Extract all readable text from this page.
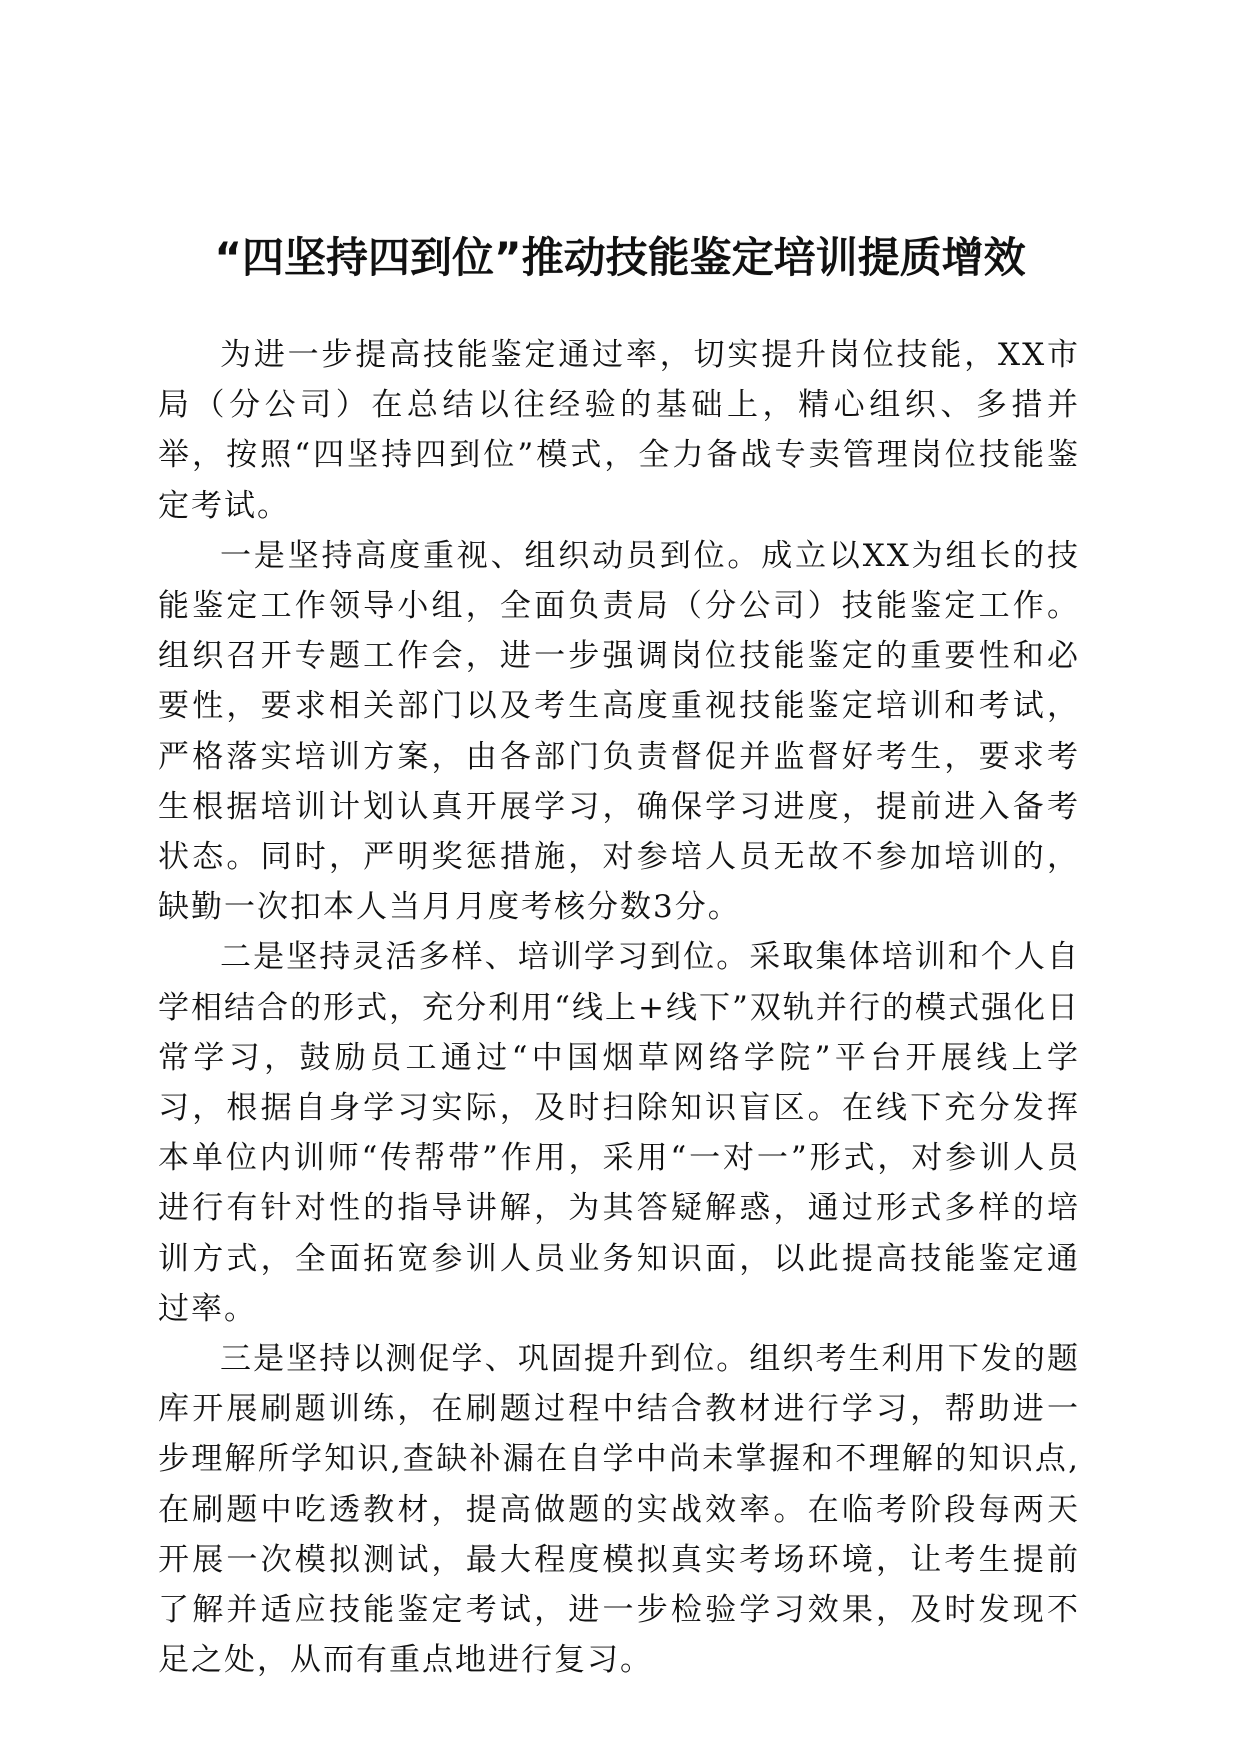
“四坚持四到位”推动技能鉴定培训提质增效

为进一步提高技能鉴定通过率，切实提升岗位技能，XX市局（分公司）在总结以往经验的基础上，精心组织、多措并举，按照“四坚持四到位”模式，全力备战专卖管理岗位技能鉴定考试。

一是坚持高度重视、组织动员到位。成立以XX为组长的技能鉴定工作领导小组，全面负责局（分公司）技能鉴定工作。组织召开专题工作会，进一步强调岗位技能鉴定的重要性和必要性，要求相关部门以及考生高度重视技能鉴定培训和考试，严格落实培训方案，由各部门负责督促并监督好考生，要求考生根据培训计划认真开展学习，确保学习进度，提前进入备考状态。同时，严明奖惩措施，对参培人员无故不参加培训的，缺勤一次扣本人当月月度考核分数3分。

二是坚持灵活多样、培训学习到位。采取集体培训和个人自学相结合的形式，充分利用“线上+线下”双轨并行的模式强化日常学习，鼓励员工通过“中国烟草网络学院”平台开展线上学习，根据自身学习实际，及时扫除知识盲区。在线下充分发挥本单位内训师“传帮带”作用，采用“一对一”形式，对参训人员进行有针对性的指导讲解，为其答疑解惑，通过形式多样的培训方式，全面拓宽参训人员业务知识面，以此提高技能鉴定通过率。

三是坚持以测促学、巩固提升到位。组织考生利用下发的题库开展刷题训练，在刷题过程中结合教材进行学习，帮助进一步理解所学知识,查缺补漏在自学中尚未掌握和不理解的知识点,在刷题中吃透教材，提高做题的实战效率。在临考阶段每两天开展一次模拟测试，最大程度模拟真实考场环境，让考生提前了解并适应技能鉴定考试，进一步检验学习效果，及时发现不足之处，从而有重点地进行复习。
